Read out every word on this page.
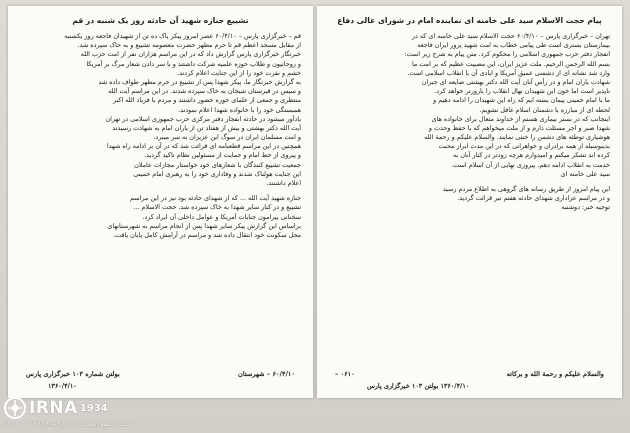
تشییع جنازه شهید آن حادثه روز یک شنبه در قم
قم – خبرگزاری پارس – ۶۰/۴/۱۰ عصر امروز پیکر پاک ده تن از شهیدان فاجعه روز یکشنبه
از مقابل مسجد اعظم قم تا حرم مطهر حضرت معصومه تشییع و به خاک سپرده شد.
خبرنگار خبرگزاری پارس گزارش داد که در این مراسم هزاران نفر از امت حزب الله
و روحانیون و طلاب حوزه علمیه شرکت داشتند و با سر دادن شعار مرگ بر آمریکا
خشم و نفرت خود را از این جنایت اعلام کردند.
به گزارش خبرنگار ما، پیکر شهدا پس از تشییع در حرم مطهر طواف داده شد
و سپس در قبرستان شیخان به خاک سپرده شدند. در این مراسم آیت الله
منتظری و جمعی از علمای حوزه حضور داشتند و مردم با فریاد الله اکبر
همبستگی خود را با خانواده شهدا اعلام نمودند.
یادآور میشود در حادثه انفجار دفتر مرکزی حزب جمهوری اسلامی در تهران
آیت الله دکتر بهشتی و بیش از هفتاد تن از یاران امام به شهادت رسیدند
و امت مسلمان ایران در سوگ این عزیزان به سر میبرد.
همچنین در این مراسم قطعنامه ای قرائت شد که در آن بر ادامه راه شهدا
و پیروی از خط امام و حمایت از مسئولین نظام تاکید گردید.
جمعیت تشییع کنندگان با شعارهای خود خواستار مجازات عاملان
این جنایت هولناک شدند و وفاداری خود را به رهبری امام خمینی
اعلام داشتند.
جنازه شهید آیت الله ... که از شهدای حادثه بود نیز در این مراسم
تشییع و در کنار سایر شهدا به خاک سپرده شد. حجت الاسلام ...
سخنانی پیرامون جنایات آمریکا و عوامل داخلی آن ایراد کرد.
براساس این گزارش پیکر سایر شهدا پس از انجام مراسم به شهرستانهای
محل سکونت خود انتقال داده شد و مراسم در آرامش کامل پایان یافت.
۶۰/۴/۱۰ – شهرستان
بولتن شماره ۱۰۳ خبرگزاری پارس
۱۳۶۰/۴/۱۰
پیام حجت الاسلام سید علی خامنه ای نماینده امام در شورای عالی دفاع
تهران – خبرگزاری پارس – ۶۰/۴/۱۰ حجت الاسلام سید علی خامنه ای که در
بیمارستان بستری است طی پیامی خطاب به امت شهید پرور ایران فاجعه
انفجار دفتر حزب جمهوری اسلامی را محکوم کرد. متن پیام به شرح زیر است:
بسم الله الرحمن الرحیم. ملت عزیز ایران، این مصیبت عظیم که بر امت ما
وارد شد نشانه ای از دشمنی عمیق آمریکا و ایادی آن با انقلاب اسلامی است.
شهادت یاران امام و در رأس آنان آیت الله دکتر بهشتی ضایعه ای جبران
ناپذیر است اما خون این شهیدان نهال انقلاب را بارورتر خواهد کرد.
ما با امام خمینی پیمان بسته ایم که راه این شهیدان را ادامه دهیم و
لحظه ای از مبارزه با دشمنان اسلام غافل نشویم.
اینجانب که در بستر بیماری هستم از خداوند متعال برای خانواده های
شهدا صبر و اجر مسئلت دارم و از ملت میخواهم که با حفظ وحدت و
هوشیاری توطئه های دشمن را خنثی نمایند. والسلام علیکم و رحمة الله
بدینوسیله از همه برادران و خواهرانی که در این مدت ابراز محبت
کرده اند تشکر میکنم و امیدوارم هرچه زودتر در کنار آنان به
خدمت به انقلاب ادامه دهم. پیروزی نهایی از آن اسلام است.
سید علی خامنه ای
این پیام امروز از طریق رسانه های گروهی به اطلاع مردم رسید
و در مراسم عزاداری شهدای حادثه هفتم تیر قرائت گردید.
توجیه خبر: دوشنبه
والسلام علیکم و رحمة الله و برکاته
۰۶۱۰ –
۱۳۶۰/۴/۱۰ بولتن ۱۰۳ خبرگزاری پارس
IRNA 1934
عکس: آرشیو ایرنا کد خبر: 1387/04/02 – 09:17
